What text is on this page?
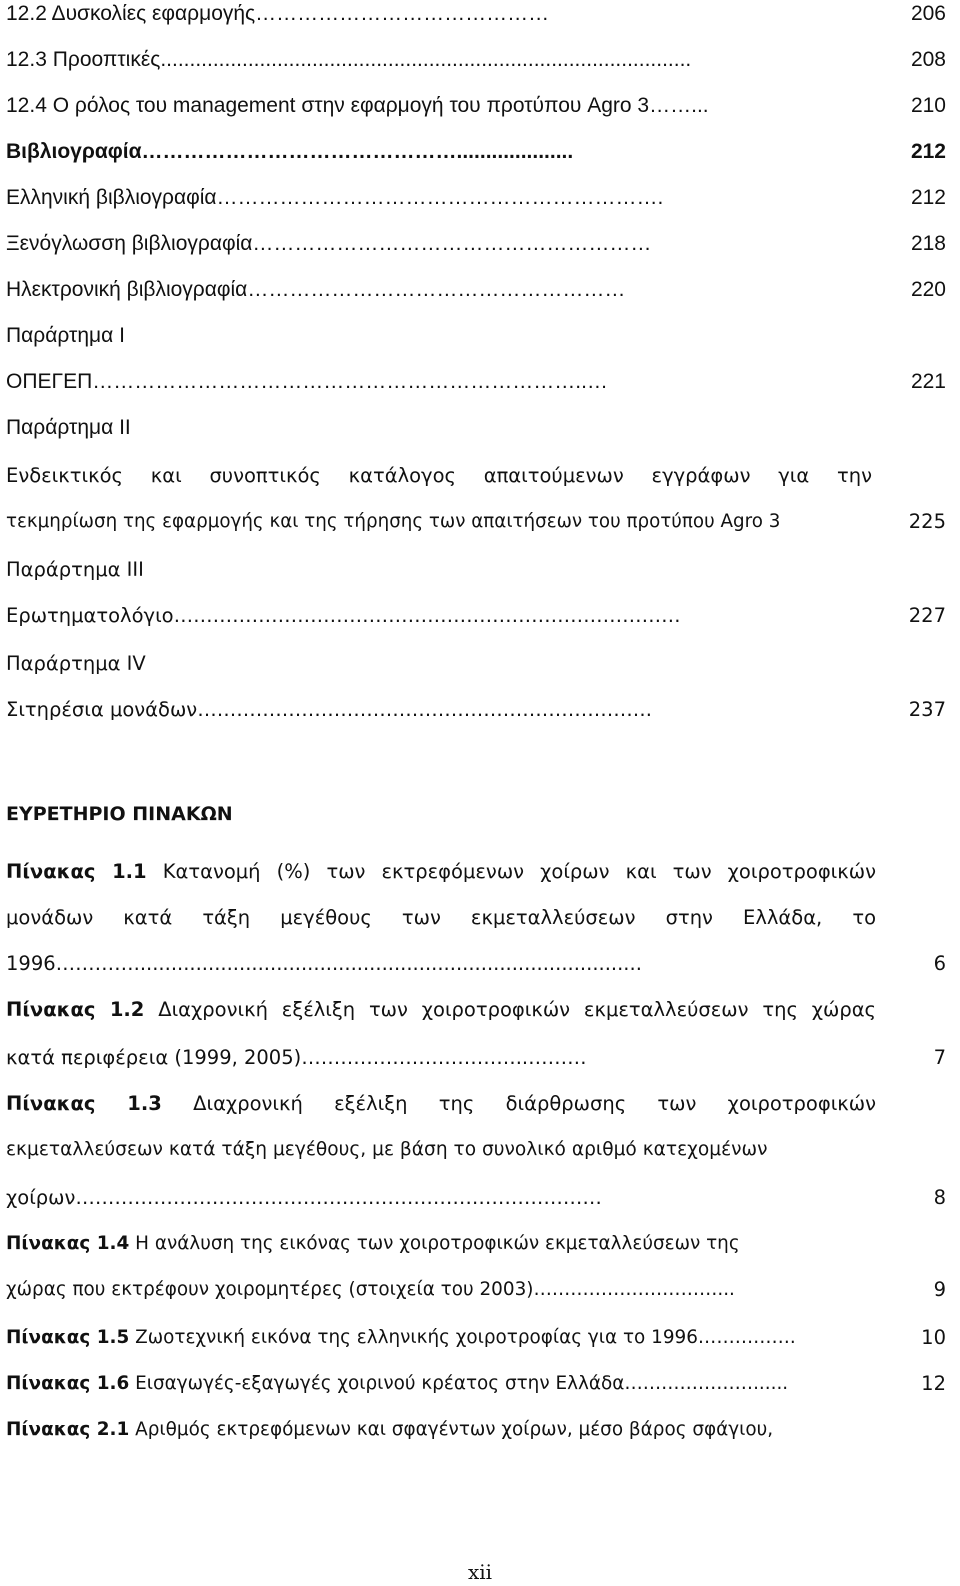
12.2 Δυσκολίες εφαρμογής……………………………………	206
12.3 Προοπτικές...........................................................................................	208
12.4 Ο ρόλος του management στην εφαρμογή του προτύπου Agro 3……...	210
Βιβλιογραφία………………………………………....................	212
Ελληνική βιβλιογραφία……………………………………………………….	212
Ξενόγλωσση βιβλιογραφία…………………………………………………	218
Ηλεκτρονική βιβλιογραφία………………………………………………	220
Παράρτημα Ι
ΟΠΕΓΕΠ……………………………………………………………..…	221
Παράρτημα ΙΙ
Ενδεικτικός και συνοπτικός κατάλογος απαιτούμενων εγγράφων για την
τεκμηρίωση της εφαρμογής και της τήρησης των απαιτήσεων του προτύπου Agro 3	225
Παράρτημα ΙΙΙ
Ερωτηματολόγιο……………………………………………………………………	227
Παράρτημα ΙV
Σιτηρέσια μονάδων…………………………………………………………….	237
ΕΥΡΕΤΗΡΙΟ ΠΙΝΑΚΩΝ
Πίνακας 1.1 Κατανομή (%) των εκτρεφόμενων χοίρων και των χοιροτροφικών
μονάδων κατά τάξη μεγέθους των εκμεταλλεύσεων στην Ελλάδα, το
1996…………..................................................................................	6
Πίνακας 1.2 Διαχρονική εξέλιξη των χοιροτροφικών εκμεταλλεύσεων της χώρας
κατά περιφέρεια (1999, 2005)……………………………..………	7
Πίνακας 1.3 Διαχρονική εξέλιξη της διάρθρωσης των χοιροτροφικών
εκμεταλλεύσεων κατά τάξη μεγέθους, με βάση το συνολικό αριθμό κατεχομένων
χοίρων………………………………………………………………………	8
Πίνακας 1.4 Η ανάλυση της εικόνας των χοιροτροφικών εκμεταλλεύσεων της
χώρας που εκτρέφουν χοιρομητέρες (στοιχεία του 2003)…………………………...	9
Πίνακας 1.5 Ζωοτεχνική εικόνα της ελληνικής χοιροτροφίας για το 1996…………….	10
Πίνακας 1.6 Εισαγωγές-εξαγωγές χοιρινού κρέατος στην Ελλάδα…………………......	12
Πίνακας 2.1 Αριθμός εκτρεφόμενων και σφαγέντων χοίρων, μέσο βάρος σφάγιου,
xii
